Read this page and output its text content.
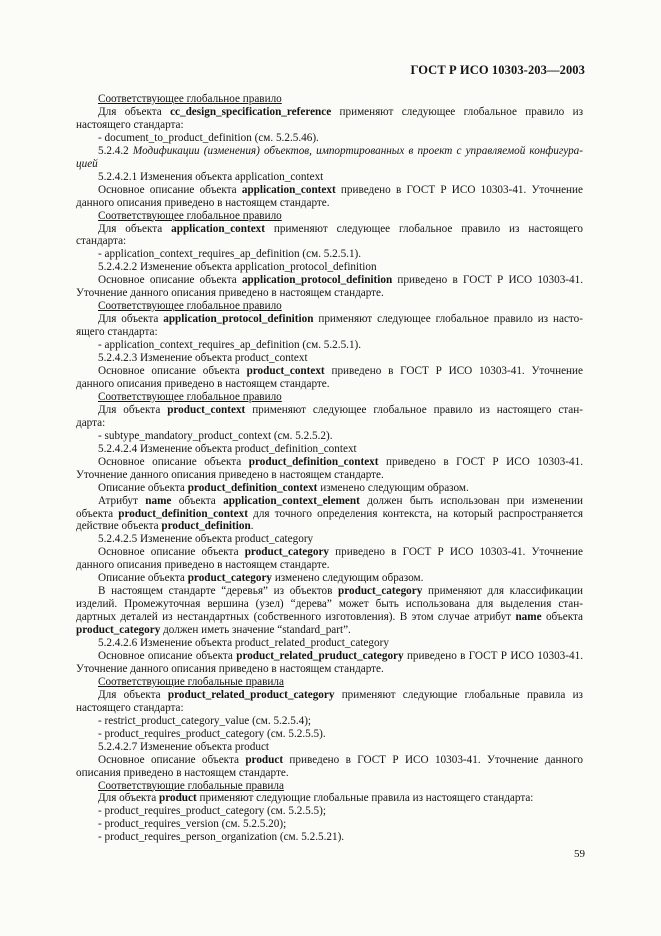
ГОСТ Р ИСО 10303-203—2003
Соответствующее глобальное правило
Для объекта cc_design_specification_reference применяют следующее глобальное правило из
настоящего стандарта:
- document_to_product_definition (см. 5.2.5.46).
5.2.4.2 Модификации (изменения) объектов, импортированных в проект с управляемой конфигура-
цией
5.2.4.2.1 Изменения объекта application_context
Основное описание объекта application_context приведено в ГОСТ Р ИСО 10303-41. Уточнение
данного описания приведено в настоящем стандарте.
Соответствующее глобальное правило
Для объекта application_context применяют следующее глобальное правило из настоящего
стандарта:
- application_context_requires_ap_definition (см. 5.2.5.1).
5.2.4.2.2 Изменение объекта application_protocol_definition
Основное описание объекта application_protocol_definition приведено в ГОСТ Р ИСО 10303-41.
Уточнение данного описания приведено в настоящем стандарте.
Соответствующее глобальное правило
Для объекта application_protocol_definition применяют следующее глобальное правило из насто-
ящего стандарта:
- application_context_requires_ap_definition (см. 5.2.5.1).
5.2.4.2.3 Изменение объекта product_context
Основное описание объекта product_context приведено в ГОСТ Р ИСО 10303-41. Уточнение
данного описания приведено в настоящем стандарте.
Соответствующее глобальное правило
Для объекта product_context применяют следующее глобальное правило из настоящего стан-
дарта:
- subtype_mandatory_product_context (см. 5.2.5.2).
5.2.4.2.4 Изменение объекта product_definition_context
Основное описание объекта product_definition_context приведено в ГОСТ Р ИСО 10303-41.
Уточнение данного описания приведено в настоящем стандарте.
Описание объекта product_definition_context изменено следующим образом.
Атрибут name объекта application_context_element должен быть использован при изменении
объекта product_definition_context для точного определения контекста, на который распространяется
действие объекта product_definition.
5.2.4.2.5 Изменение объекта product_category
Основное описание объекта product_category приведено в ГОСТ Р ИСО 10303-41. Уточнение
данного описания приведено в настоящем стандарте.
Описание объекта product_category изменено следующим образом.
В настоящем стандарте “деревья” из объектов product_category применяют для классификации
изделий. Промежуточная вершина (узел) “дерева” может быть использована для выделения стан-
дартных деталей из нестандартных (собственного изготовления). В этом случае атрибут name объекта
product_category должен иметь значение “standard_part”.
5.2.4.2.6 Изменение объекта product_related_product_category
Основное описание объекта product_related_pruduct_category приведено в ГОСТ Р ИСО 10303-41.
Уточнение данного описания приведено в настоящем стандарте.
Соответствующие глобальные правила
Для объекта product_related_product_category применяют следующие глобальные правила из
настоящего стандарта:
- restrict_product_category_value (см. 5.2.5.4);
- product_requires_product_category (см. 5.2.5.5).
5.2.4.2.7 Изменение объекта product
Основное описание объекта product приведено в ГОСТ Р ИСО 10303-41. Уточнение данного
описания приведено в настоящем стандарте.
Соответствующие глобальные правила
Для объекта product применяют следующие глобальные правила из настоящего стандарта:
- product_requires_product_category (см. 5.2.5.5);
- product_requires_version (см. 5.2.5.20);
- product_requires_person_organization (см. 5.2.5.21).
59
